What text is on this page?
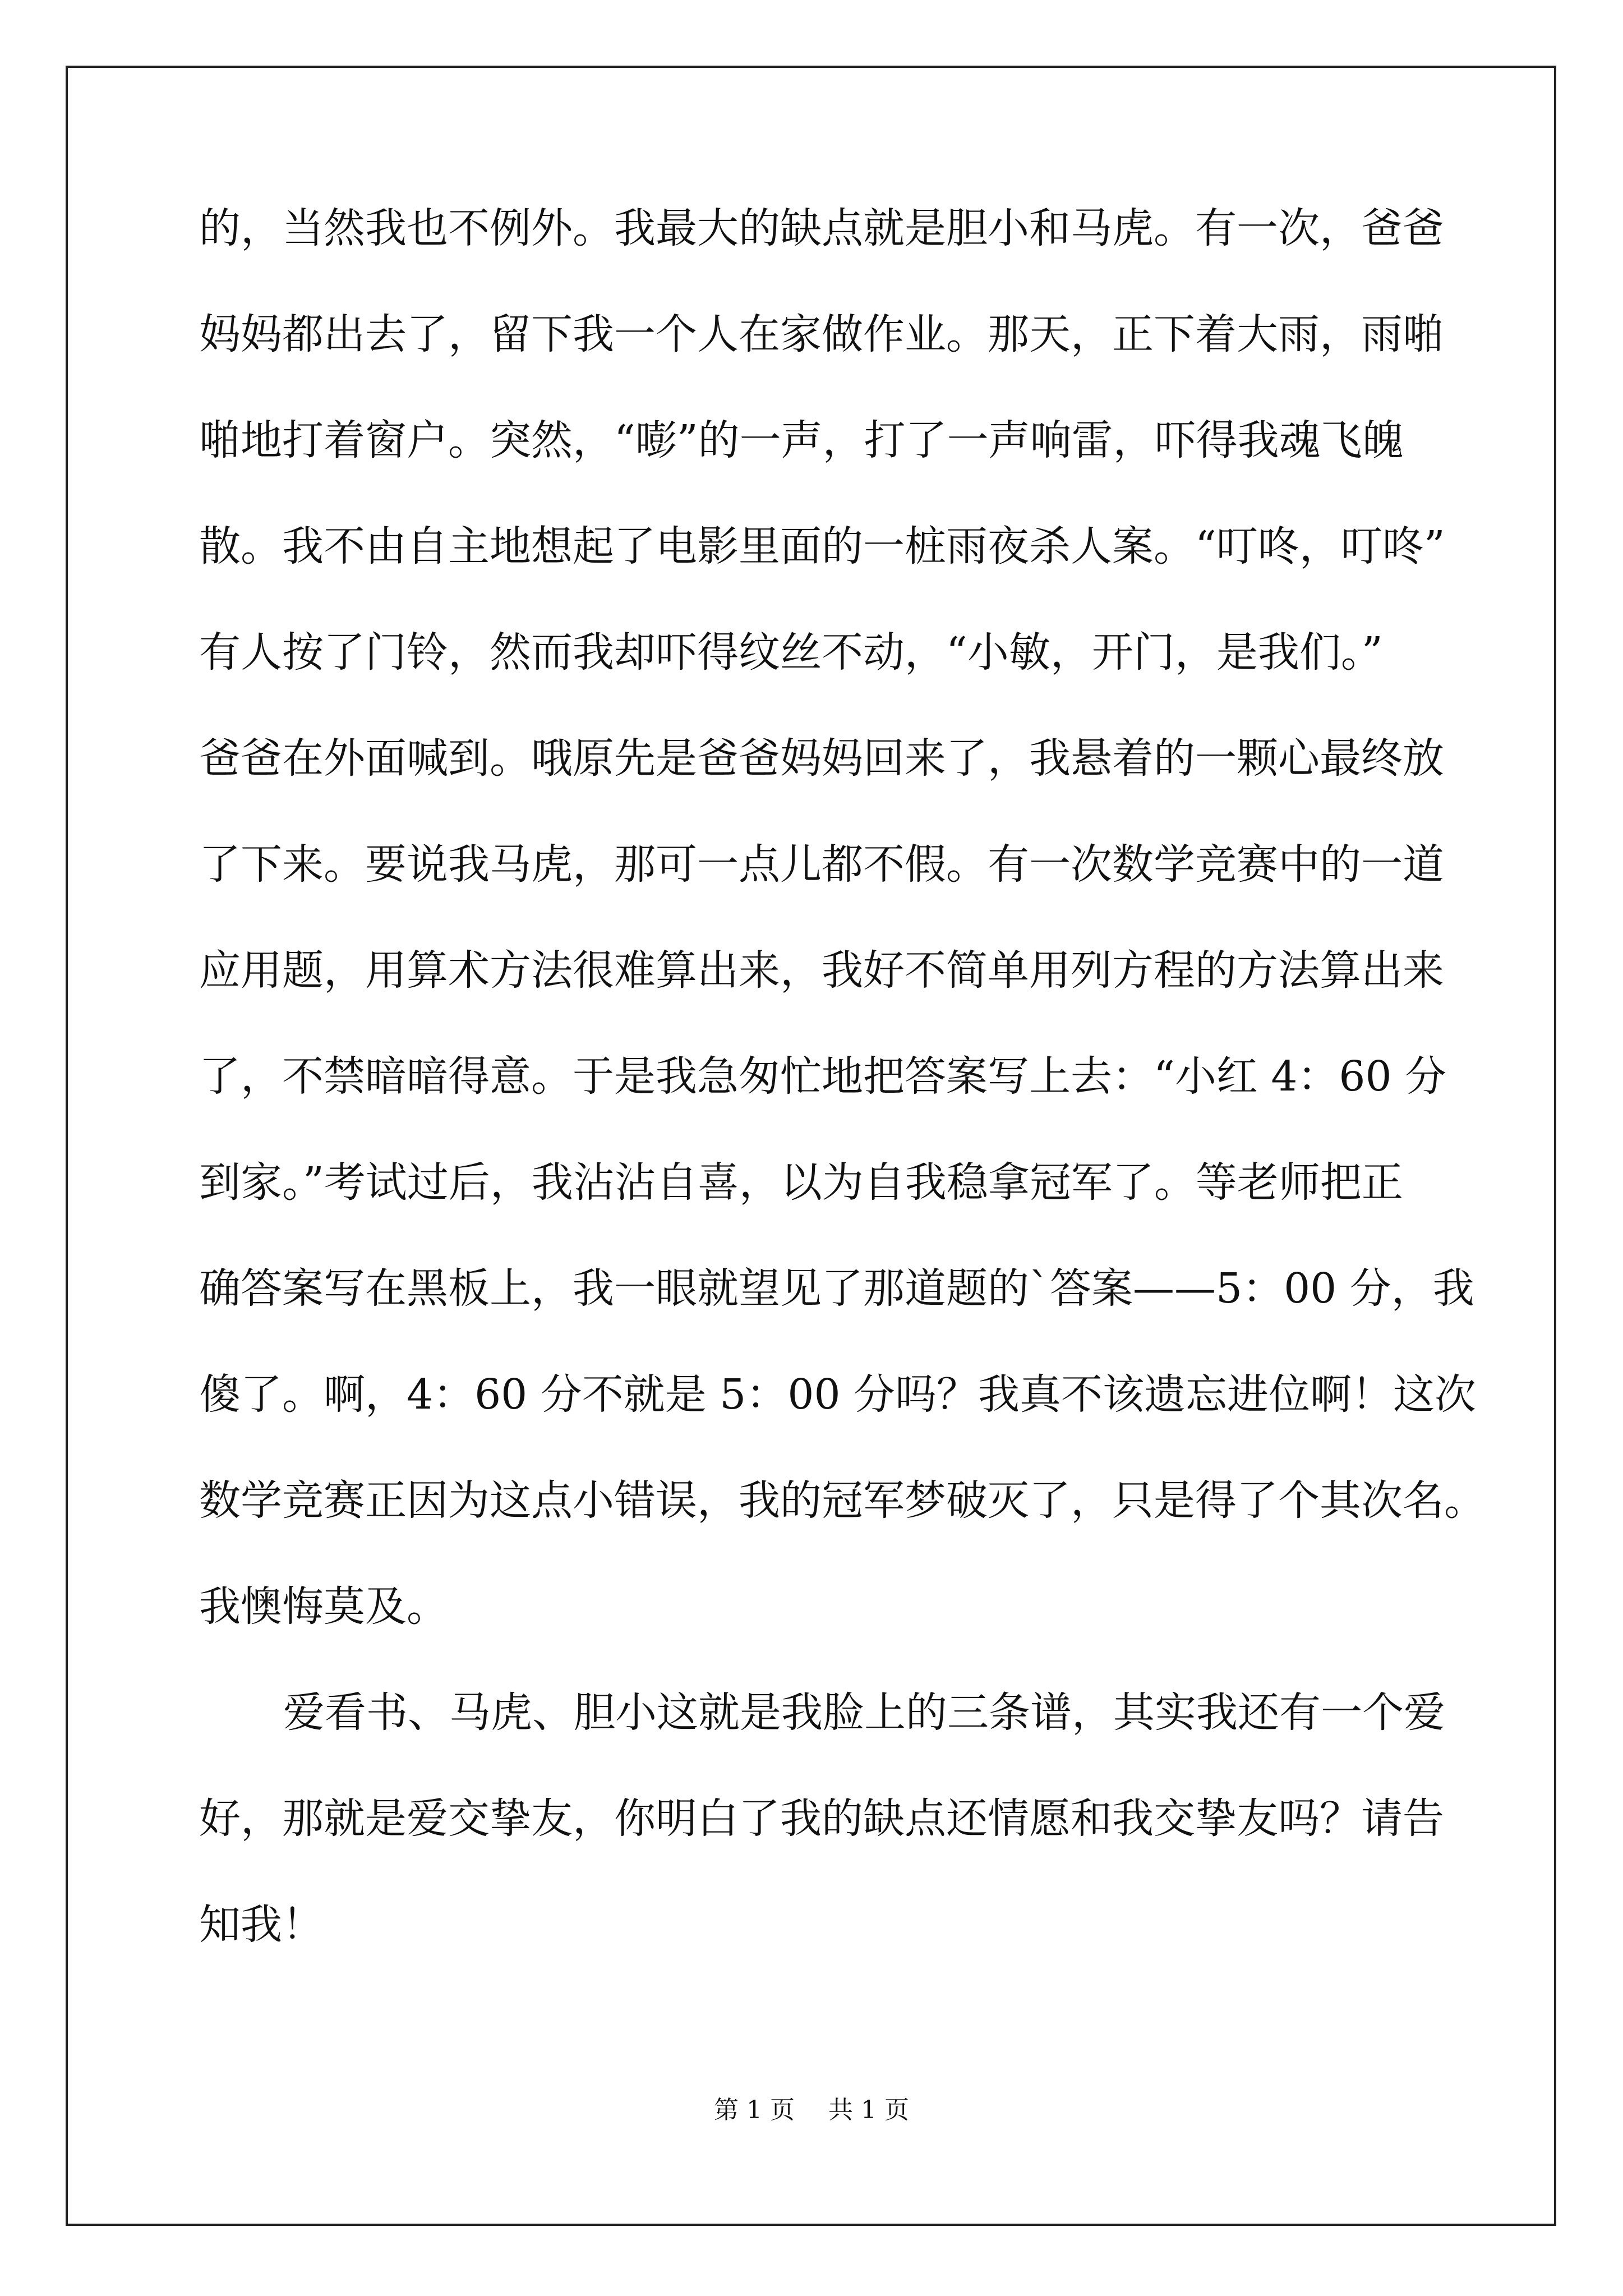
的，当然我也不例外。我最大的缺点就是胆小和马虎。有一次，爸爸
妈妈都出去了，留下我一个人在家做作业。那天，正下着大雨，雨啪
啪地打着窗户。突然，“嘭”的一声，打了一声响雷，吓得我魂飞魄
散。我不由自主地想起了电影里面的一桩雨夜杀人案。“叮咚，叮咚”
有人按了门铃，然而我却吓得纹丝不动，“小敏，开门，是我们。”
爸爸在外面喊到。哦原先是爸爸妈妈回来了，我悬着的一颗心最终放
了下来。要说我马虎，那可一点儿都不假。有一次数学竞赛中的一道
应用题，用算术方法很难算出来，我好不简单用列方程的方法算出来
了，不禁暗暗得意。于是我急匆忙地把答案写上去：“小红 4：60 分
到家。”考试过后，我沾沾自喜，以为自我稳拿冠军了。等老师把正
确答案写在黑板上，我一眼就望见了那道题的`答案——5：00 分，我
傻了。啊，4：60 分不就是 5：00 分吗？我真不该遗忘进位啊！这次
数学竞赛正因为这点小错误，我的冠军梦破灭了，只是得了个其次名。
我懊悔莫及。
爱看书、马虎、胆小这就是我脸上的三条谱，其实我还有一个爱
好，那就是爱交挚友，你明白了我的缺点还情愿和我交挚友吗？请告
知我！
第 1 页 共 1 页
